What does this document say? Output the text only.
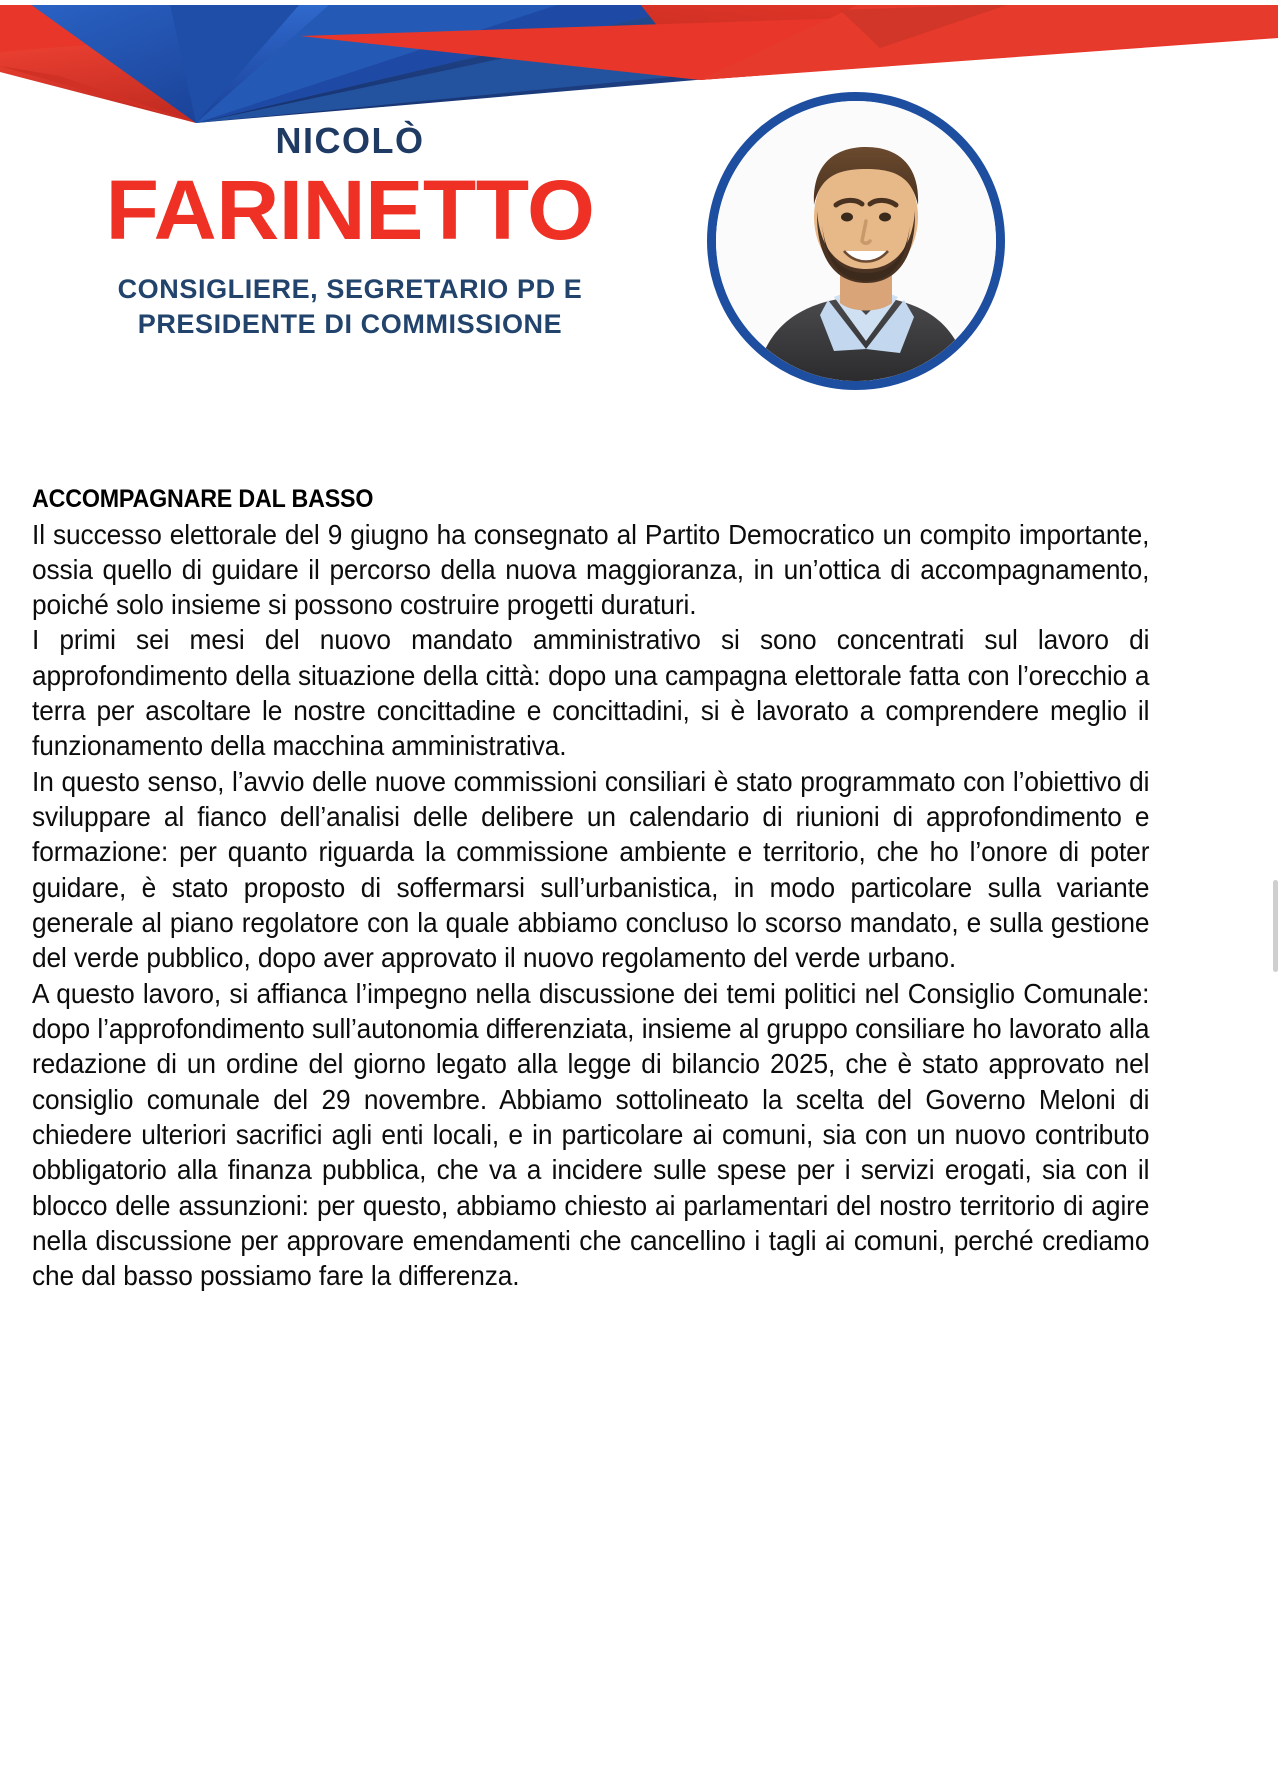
NICOLÒ
FARINETTO
CONSIGLIERE, SEGRETARIO PD E
PRESIDENTE DI COMMISSIONE
ACCOMPAGNARE DAL BASSO

Il successo elettorale del 9 giugno ha consegnato al Partito Democratico un compito importante, ossia quello di guidare il percorso della nuova maggioranza, in un’ottica di accompagnamento, poiché solo insieme si possono costruire progetti duraturi.

I primi sei mesi del nuovo mandato amministrativo si sono concentrati sul lavoro di approfondimento della situazione della città: dopo una campagna elettorale fatta con l’orecchio a terra per ascoltare le nostre concittadine e concittadini, si è lavorato a comprendere meglio il funzionamento della macchina amministrativa.

In questo senso, l’avvio delle nuove commissioni consiliari è stato programmato con l’obiettivo di sviluppare al fianco dell’analisi delle delibere un calendario di riunioni di approfondimento e formazione: per quanto riguarda la commissione ambiente e territorio, che ho l’onore di poter guidare, è stato proposto di soffermarsi sull’urbanistica, in modo particolare sulla variante generale al piano regolatore con la quale abbiamo concluso lo scorso mandato, e sulla gestione del verde pubblico, dopo aver approvato il nuovo regolamento del verde urbano.

A questo lavoro, si affianca l’impegno nella discussione dei temi politici nel Consiglio Comunale: dopo l’approfondimento sull’autonomia differenziata, insieme al gruppo consiliare ho lavorato alla redazione di un ordine del giorno legato alla legge di bilancio 2025, che è stato approvato nel consiglio comunale del 29 novembre. Abbiamo sottolineato la scelta del Governo Meloni di chiedere ulteriori sacrifici agli enti locali, e in particolare ai comuni, sia con un nuovo contributo obbligatorio alla finanza pubblica, che va a incidere sulle spese per i servizi erogati, sia con il blocco delle assunzioni: per questo, abbiamo chiesto ai parlamentari del nostro territorio di agire nella discussione per approvare emendamenti che cancellino i tagli ai comuni, perché crediamo che dal basso possiamo fare la differenza.
